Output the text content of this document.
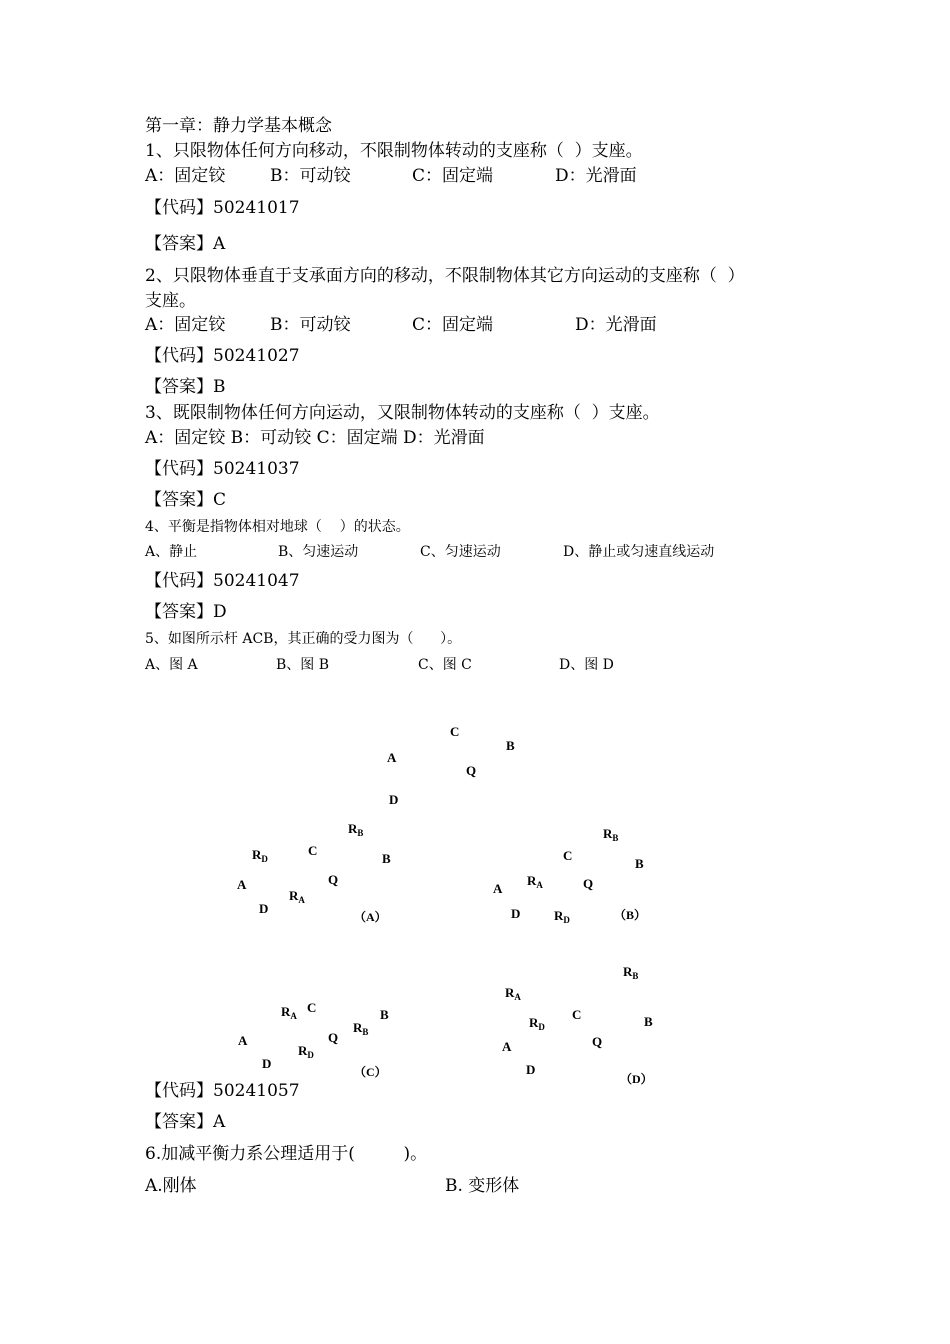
第一章：静力学基本概念
1、只限物体任何方向移动，不限制物体转动的支座称（  ）支座。
A：固定铰	B：可动铰	C：固定端	D：光滑面
【代码】50241017
【答案】A
2、只限物体垂直于支承面方向的移动，不限制物体其它方向运动的支座称（  ）
支座。
A：固定铰	B：可动铰	C：固定端	D：光滑面
【代码】50241027
【答案】B
3、既限制物体任何方向运动，又限制物体转动的支座称（  ）支座。
A：固定铰 B：可动铰 C：固定端 D：光滑面
【代码】50241037
【答案】C
4、平衡是指物体相对地球（    ）的状态。
A、静止	B、匀速运动	C、匀速运动	D、静止或匀速直线运动
【代码】50241047
【答案】D
5、如图所示杆 ACB，其正确的受力图为（      ）。
A、图 A	B、图 B	C、图 C	D、图 D
C
B
A
Q
D
$R_B$
$R_D$
C
B
Q
A
$R_A$
D
（A）
$R_B$
C
B
$R_A$	Q
A
D	$R_D$	（B）
C
$R_A$	B
$R_B$
Q
A
$R_D$
D
（C）
$R_B$
$R_A$
C	B
$R_D$
Q
A
D
（D）
【代码】50241057
【答案】A
6.加减平衡力系公理适用于(         )。
A.刚体	B. 变形体
